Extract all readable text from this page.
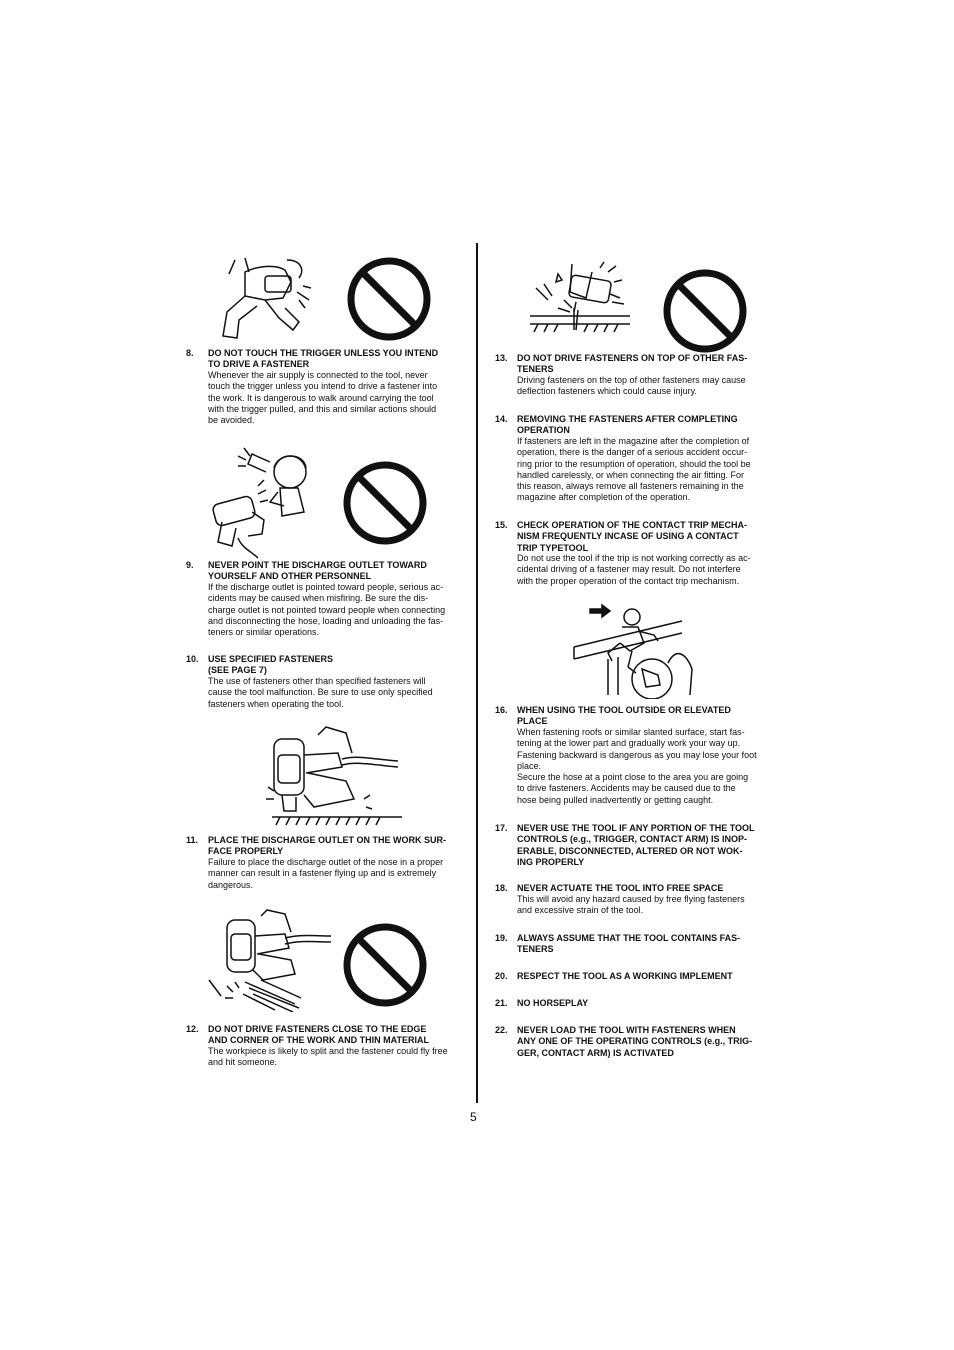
8. DO NOT TOUCH THE TRIGGER UNLESS YOU INTEND
TO DRIVE A FASTENER
Whenever the air supply is connected to the tool, never
touch the trigger unless you intend to drive a fastener into
the work. It is dangerous to walk around carrying the tool
with the trigger pulled, and this and similar actions should
be avoided.
9. NEVER POINT THE DISCHARGE OUTLET TOWARD
YOURSELF AND OTHER PERSONNEL
If the discharge outlet is pointed toward people, serious ac-
cidents may be caused when misfiring. Be sure the dis-
charge outlet is not pointed toward people when connecting
and disconnecting the hose, loading and unloading the fas-
teners or similar operations.
10. USE SPECIFIED FASTENERS
(SEE PAGE 7)
The use of fasteners other than specified fasteners will
cause the tool malfunction. Be sure to use only specified
fasteners when operating the tool.
11. PLACE THE DISCHARGE OUTLET ON THE WORK SUR-
FACE PROPERLY
Failure to place the discharge outlet of the nose in a proper
manner can result in a fastener flying up and is extremely
dangerous.
12. DO NOT DRIVE FASTENERS CLOSE TO THE EDGE
AND CORNER OF THE WORK AND THIN MATERIAL
The workpiece is likely to split and the fastener could fly free
and hit someone.
13. DO NOT DRIVE FASTENERS ON TOP OF OTHER FAS-
TENERS
Driving fasteners on the top of other fasteners may cause
deflection fasteners which could cause injury.
14. REMOVING THE FASTENERS AFTER COMPLETING
OPERATION
If fasteners are left in the magazine after the completion of
operation, there is the danger of a serious accident occur-
ring prior to the resumption of operation, should the tool be
handled carelessly, or when connecting the air fitting. For
this reason, always remove all fasteners remaining in the
magazine after completion of the operation.
15. CHECK OPERATION OF THE CONTACT TRIP MECHA-
NISM FREQUENTLY INCASE OF USING A CONTACT
TRIP TYPETOOL
Do not use the tool if the trip is not working correctly as ac-
cidental driving of a fastener may result. Do not interfere
with the proper operation of the contact trip mechanism.
16. WHEN USING THE TOOL OUTSIDE OR ELEVATED
PLACE
When fastening roofs or similar slanted surface, start fas-
tening at the lower part and gradually work your way up.
Fastening backward is dangerous as you may lose your foot
place.
Secure the hose at a point close to the area you are going
to drive fasteners. Accidents may be caused due to the
hose being pulled inadvertently or getting caught.
17. NEVER USE THE TOOL IF ANY PORTION OF THE TOOL
CONTROLS (e.g., TRIGGER, CONTACT ARM) IS INOP-
ERABLE, DISCONNECTED, ALTERED OR NOT WOK-
ING PROPERLY
18. NEVER ACTUATE THE TOOL INTO FREE SPACE
This will avoid any hazard caused by free flying fasteners
and excessive strain of the tool.
19. ALWAYS ASSUME THAT THE TOOL CONTAINS FAS-
TENERS
20. RESPECT THE TOOL AS A WORKING IMPLEMENT
21. NO HORSEPLAY
22. NEVER LOAD THE TOOL WITH FASTENERS WHEN
ANY ONE OF THE OPERATING CONTROLS (e.g., TRIG-
GER, CONTACT ARM) IS ACTIVATED
5
